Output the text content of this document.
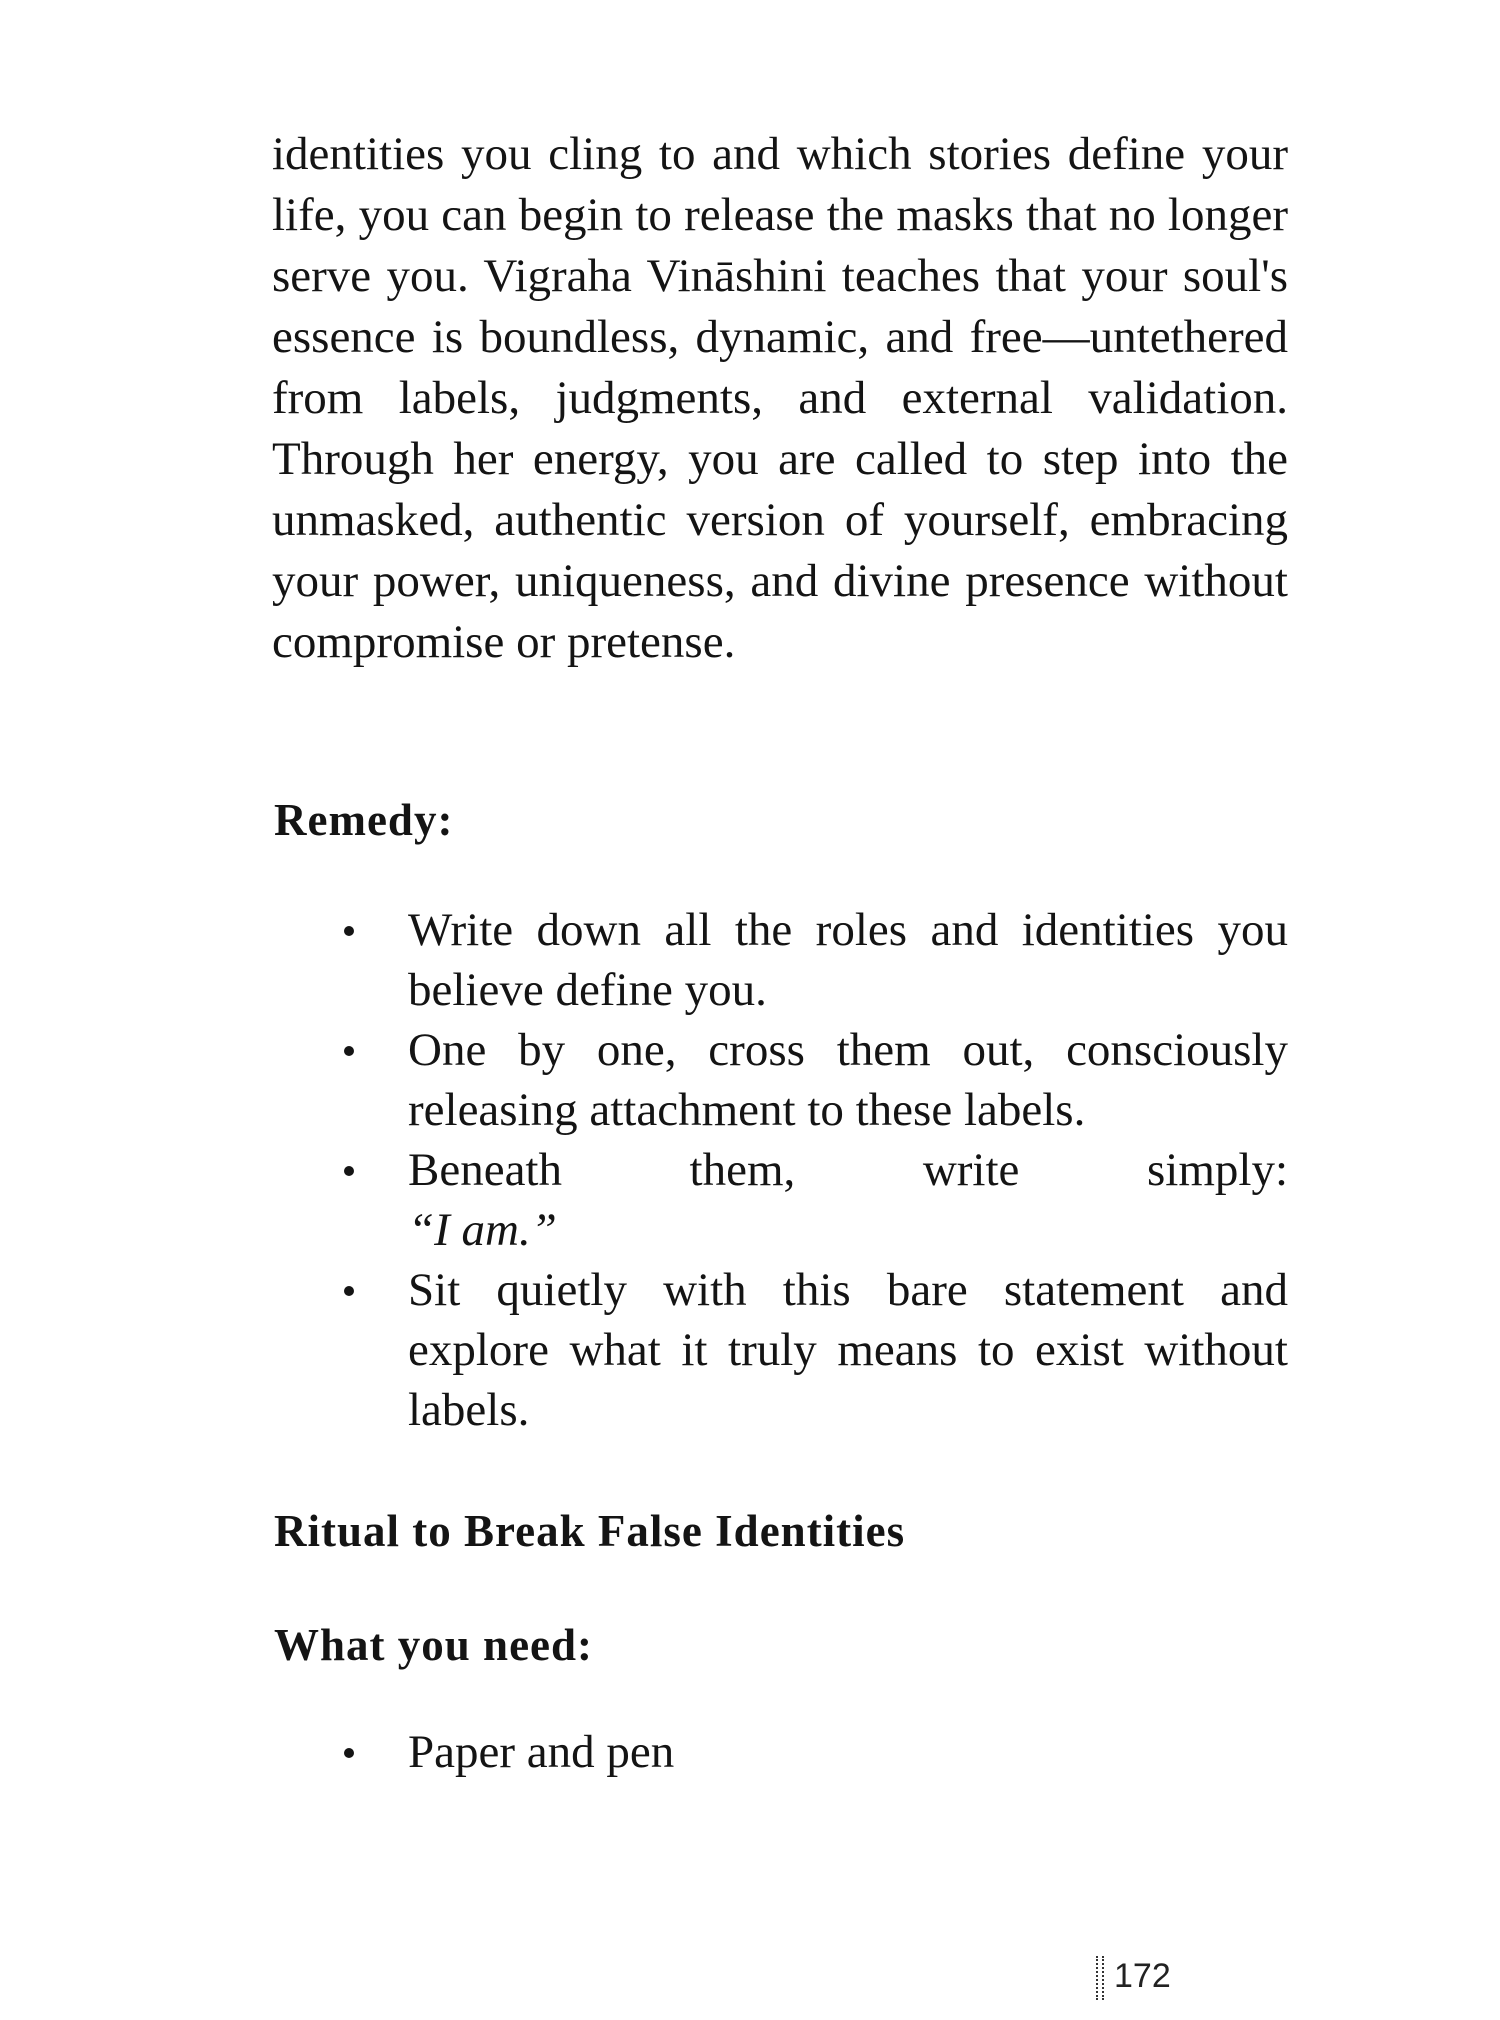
identities you cling to and which stories define your life, you can begin to release the masks that no longer serve you. Vigraha Vināshini teaches that your soul's essence is boundless, dynamic, and free—untethered from labels, judgments, and external validation. Through her energy, you are called to step into the unmasked, authentic version of yourself, embracing your power, uniqueness, and divine presence without compromise or pretense.

Remedy:
Write down all the roles and identities you believe define you.
One by one, cross them out, consciously releasing attachment to these labels.
Beneath them, write simply:
“I am.”
Sit quietly with this bare statement and explore what it truly means to exist without labels.
Ritual to Break False Identities
What you need:
Paper and pen
172
